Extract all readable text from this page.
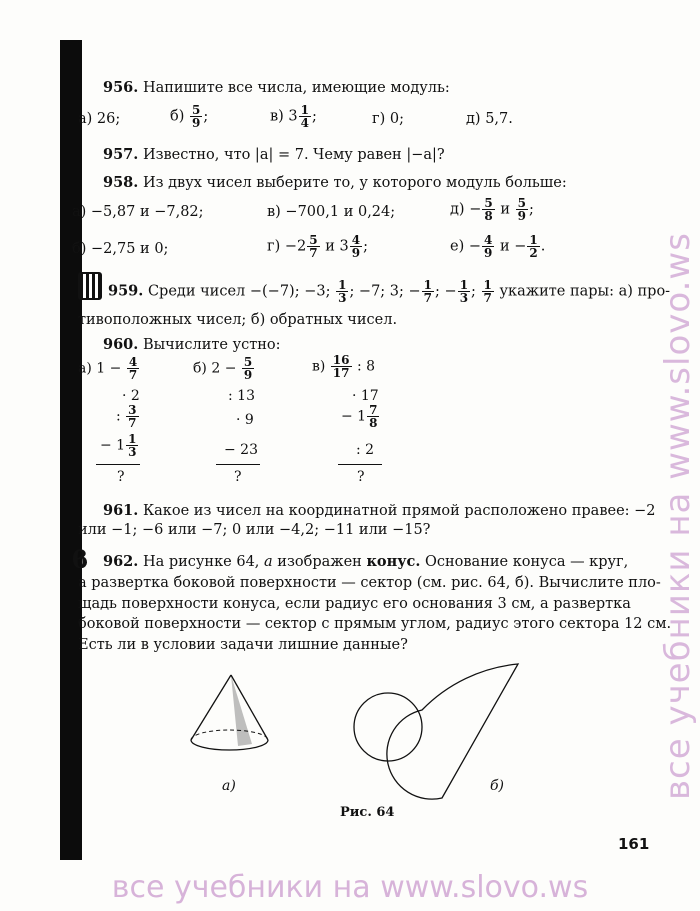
ϐ
956. Напишите все числа, имеющие модуль:
а) 26;	$б) \frac{5}{9}$ ;	в) $3 \frac{1}{4}$ ;	г) 0;	д) 5,7.
957. Известно, что |a| = 7. Чему равен |−a|?
958. Из двух чисел выберите то, у которого модуль больше:
а) −5,87 и −7,82;	в) −700,1 и 0,24;	$д) - \frac{5}{8}$ и $\frac{5}{9}$ ;
б) −2,75 и 0;	$г) -2 \frac{5}{7}$ и $3 \frac{4}{9}$ ;	$е) - \frac{4}{9}$ $и - \frac{1}{2}$ .
959. Среди чисел −(−7); −3; $\frac{1}{3}$ ; −7; 3; − $\frac{1}{7}$ ; − $\frac{1}{3}$ ; $\frac{1}{7}$ укажите пары: а) про-
тивоположных чисел; б) обратных чисел.
960. Вычислите устно:
а) $1 - \frac{4}{7}$
· 2
: $\frac{3}{7}$
− $1 \frac{1}{3}$
?
б) $2 - \frac{5}{9}$
: 13
· 9
− 23
?
$в) \frac{16}{17}$ : 8
· 17
− $1 \frac{7}{8}$
: 2
?
961. Какое из чисел на координатной прямой расположено правее: −2
или −1; −6 или −7; 0 или −4,2; −11 или −15?
962. На рисунке 64, a изображен конус. Основание конуса — круг,
а развертка боковой поверхности — сектор (см. рис. 64, б). Вычислите пло-
щадь поверхности конуса, если радиус его основания 3 см, а развертка
боковой поверхности — сектор с прямым углом, радиус этого сектора 12 см.
Есть ли в условии задачи лишние данные?
а)	б)
Рис. 64
161
все учебники на www.slovo.ws
все учебники на www.slovo.ws
